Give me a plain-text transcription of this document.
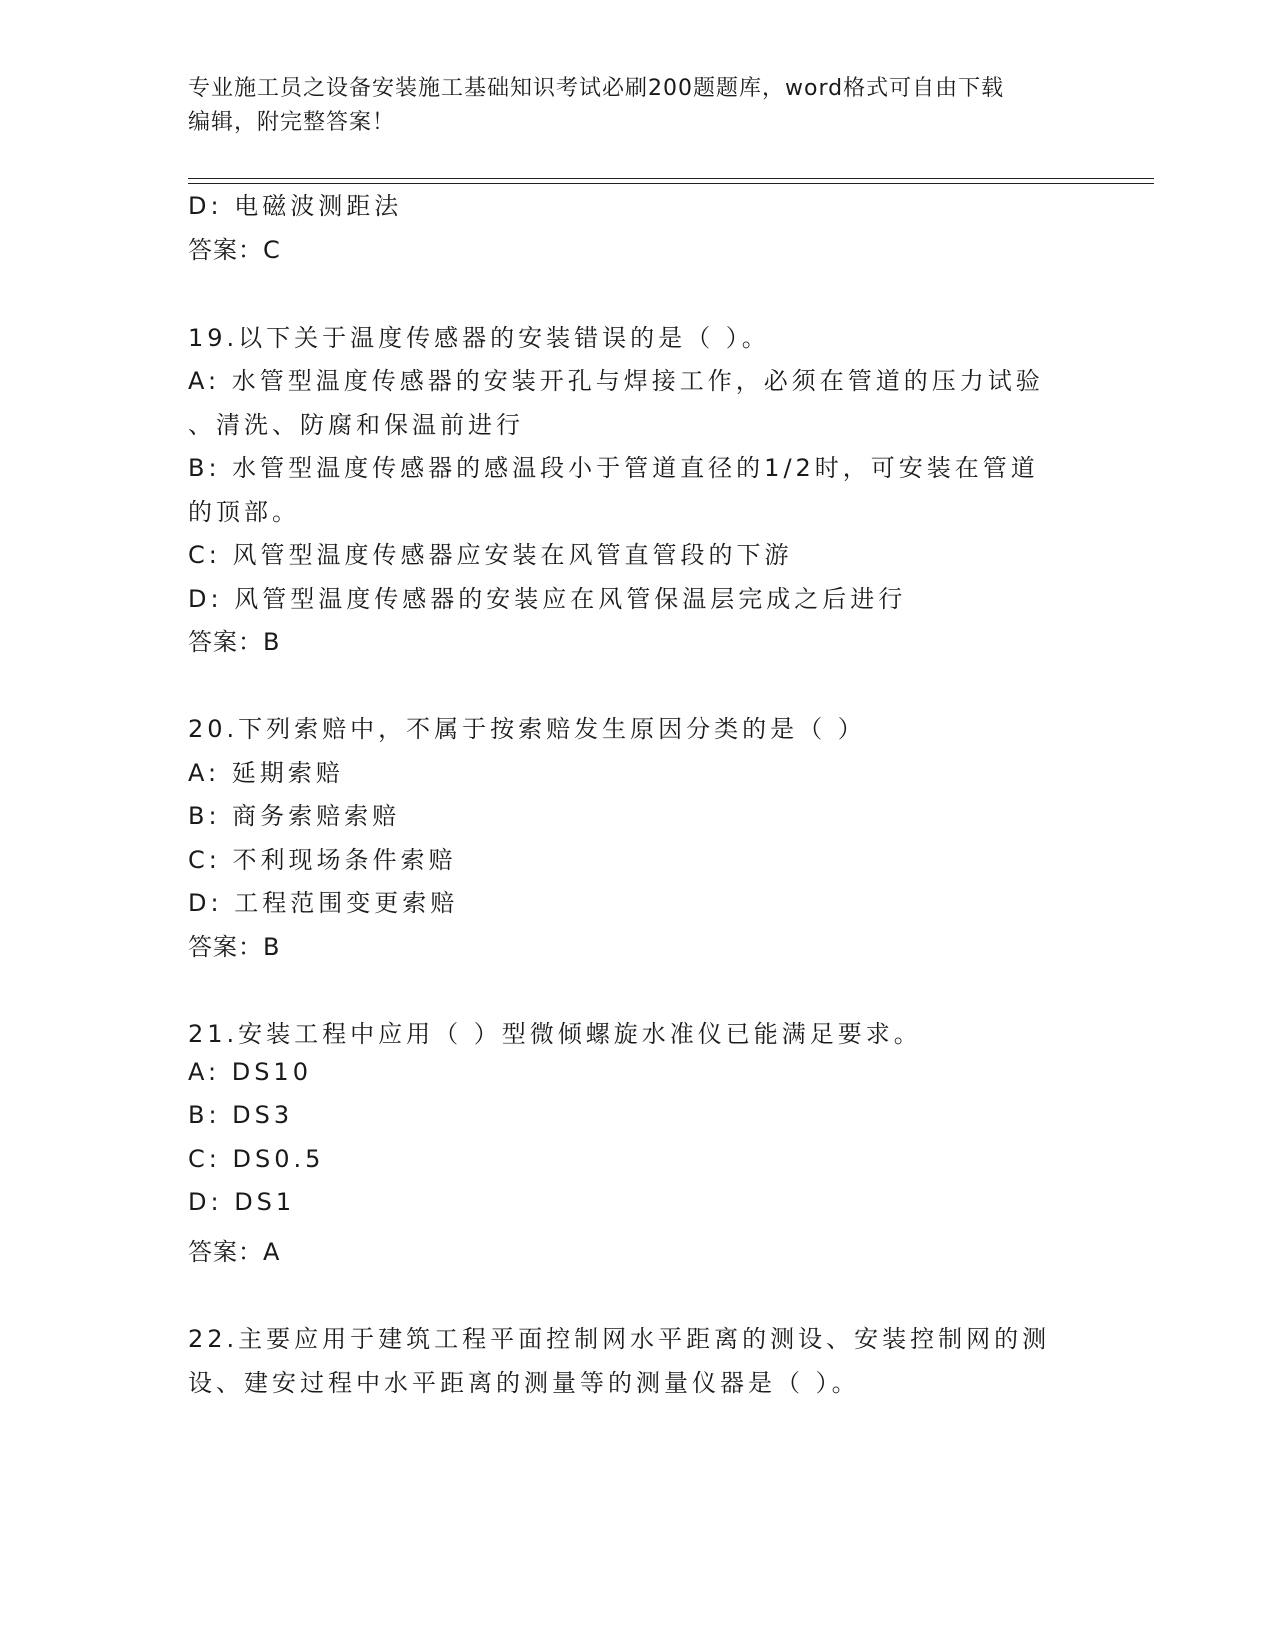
专业施工员之设备安装施工基础知识考试必刷200题题库，word格式可自由下载
编辑，附完整答案！
D: 电磁波测距法
答案：C
19.以下关于温度传感器的安装错误的是（ ）。
A: 水管型温度传感器的安装开孔与焊接工作，必须在管道的压力试验
、清洗、防腐和保温前进行
B: 水管型温度传感器的感温段小于管道直径的1/2时，可安装在管道
的顶部。
C: 风管型温度传感器应安装在风管直管段的下游
D: 风管型温度传感器的安装应在风管保温层完成之后进行
答案：B
20.下列索赔中，不属于按索赔发生原因分类的是（ ）
A: 延期索赔
B: 商务索赔索赔
C: 不利现场条件索赔
D: 工程范围变更索赔
答案：B
21.安装工程中应用（ ）型微倾螺旋水准仪已能满足要求。
A: DS10
B: DS3
C: DS0.5
D: DS1
答案：A
22.主要应用于建筑工程平面控制网水平距离的测设、安装控制网的测
设、建安过程中水平距离的测量等的测量仪器是（ ）。
